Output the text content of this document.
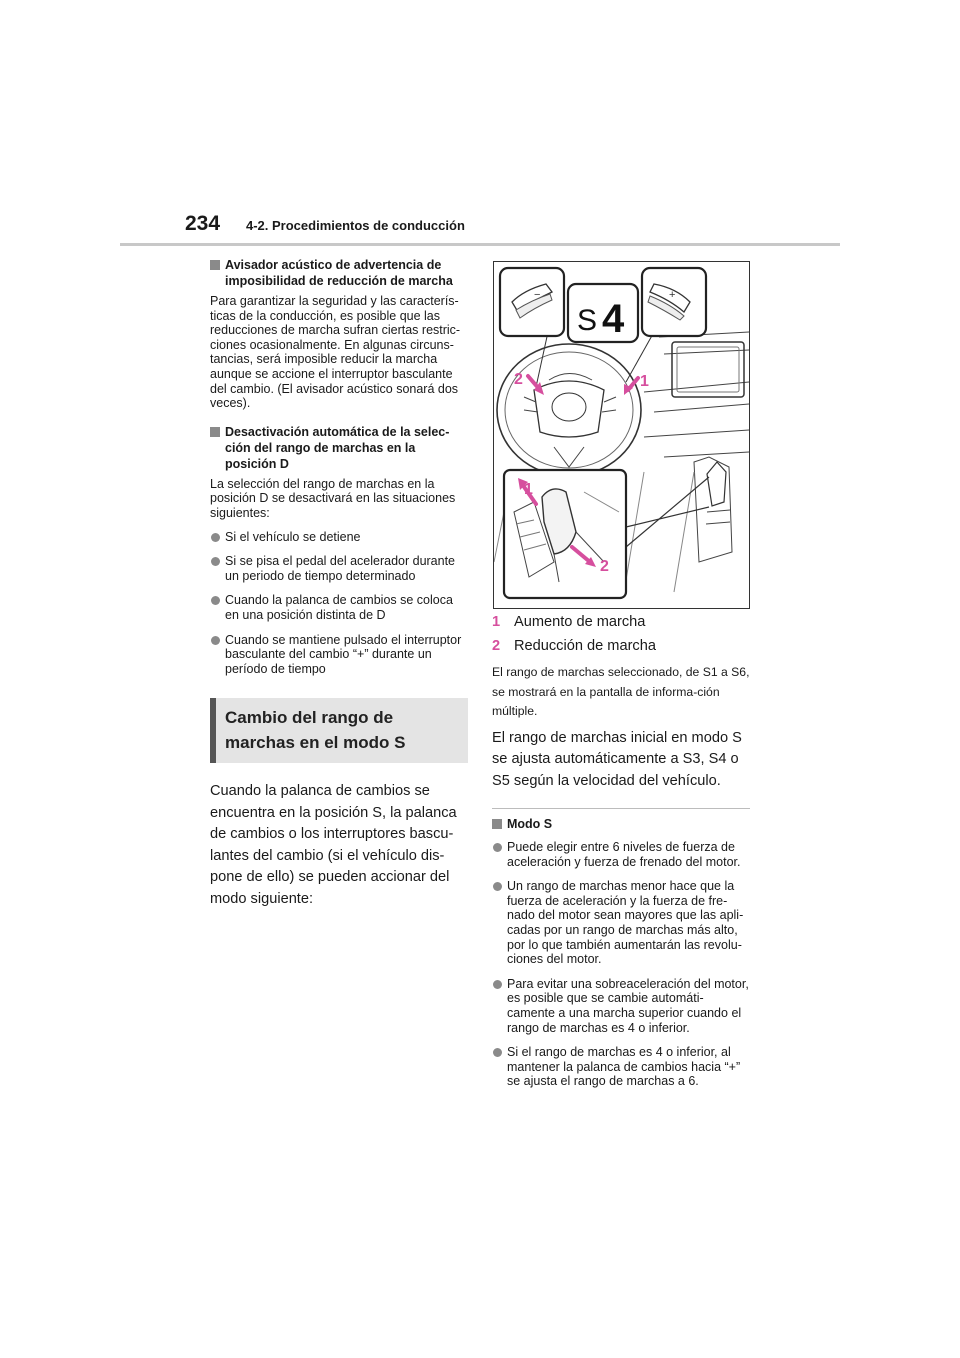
234 4-2. Procedimientos de conducción
Avisador acústico de advertencia de imposibilidad de reducción de marcha

Para garantizar la seguridad y las caracterís-ticas de la conducción, es posible que las reducciones de marcha sufran ciertas restric-ciones ocasionalmente. En algunas circuns-tancias, será imposible reducir la marcha aunque se accione el interruptor basculante del cambio. (El avisador acústico sonará dos veces).

Desactivación automática de la selec-ción del rango de marchas en la posición D

La selección del rango de marchas en la posición D se desactivará en las situaciones siguientes:

Si el vehículo se detiene
Si se pisa el pedal del acelerador durante un periodo de tiempo determinado
Cuando la palanca de cambios se coloca en una posición distinta de D
Cuando se mantiene pulsado el interruptor basculante del cambio “+” durante un período de tiempo
Cambio del rango de marchas en el modo S

Cuando la palanca de cambios se encuentra en la posición S, la palanca de cambios o los interruptores bascu-lantes del cambio (si el vehículo dis-pone de ello) se pueden accionar del modo siguiente:

−
S 4
+
2	1
1
2
1 Aumento de marcha
2 Reducción de marcha

El rango de marchas seleccionado, de S1 a S6, se mostrará en la pantalla de informa-ción múltiple.

El rango de marchas inicial en modo S se ajusta automáticamente a S3, S4 o S5 según la velocidad del vehículo.

Modo S
Puede elegir entre 6 niveles de fuerza de aceleración y fuerza de frenado del motor.
Un rango de marchas menor hace que la fuerza de aceleración y la fuerza de fre-nado del motor sean mayores que las apli-cadas por un rango de marchas más alto, por lo que también aumentarán las revolu-ciones del motor.
Para evitar una sobreaceleración del motor, es posible que se cambie automáti-camente a una marcha superior cuando el rango de marchas es 4 o inferior.
Si el rango de marchas es 4 o inferior, al mantener la palanca de cambios hacia “+” se ajusta el rango de marchas a 6.
